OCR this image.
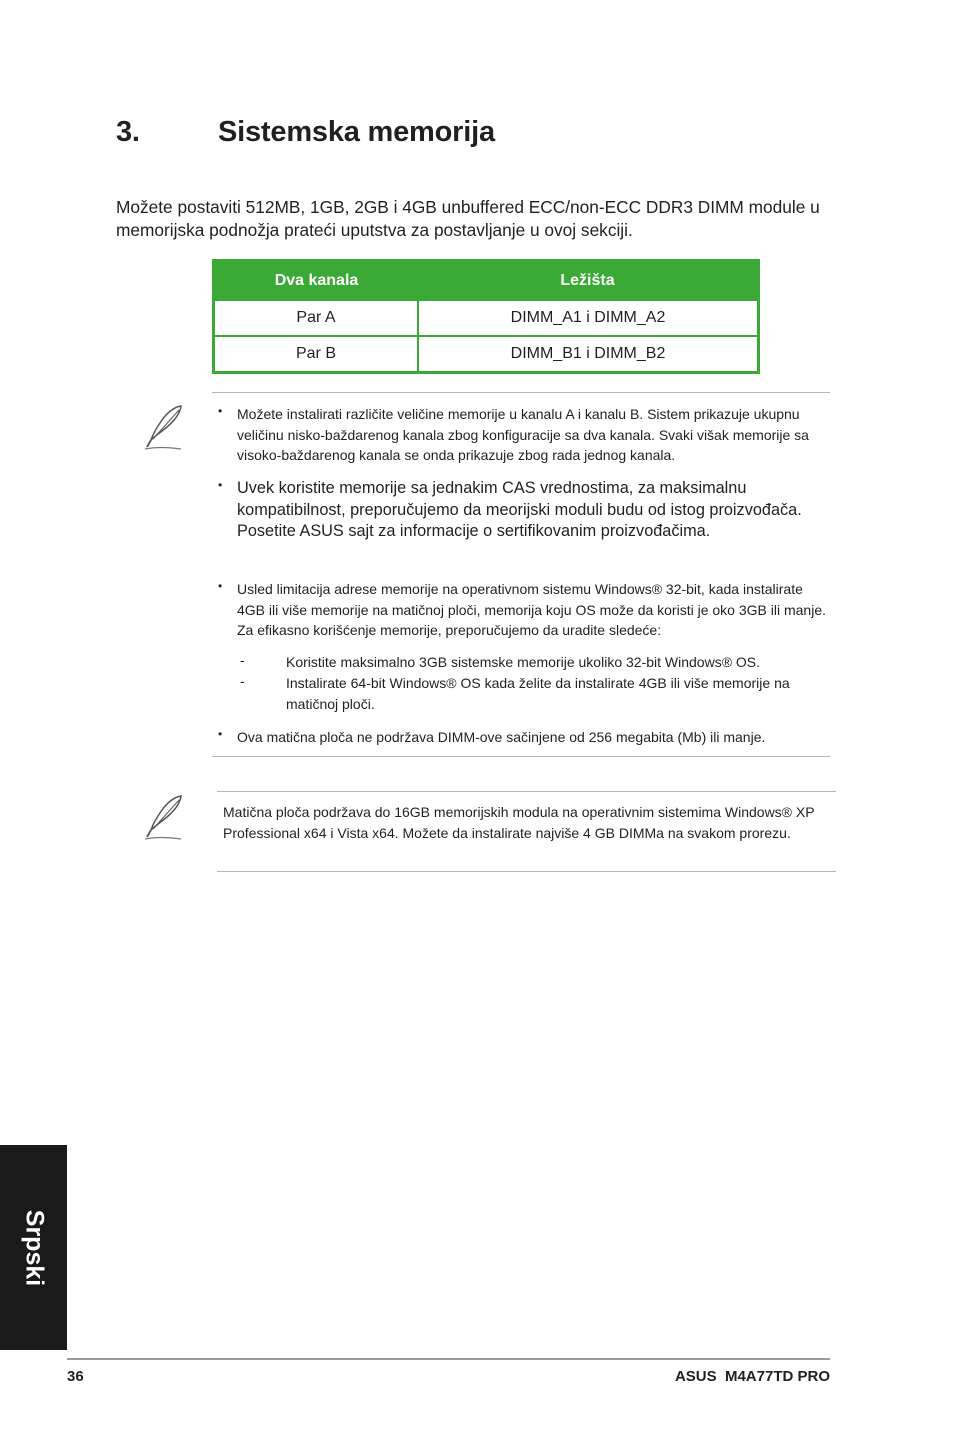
3.	Sistemska memorija

Možete postaviti 512MB, 1GB, 2GB i 4GB unbuffered ECC/non-ECC DDR3 DIMM module u memorijska podnožja prateći uputstva za postavljanje u ovoj sekciji.

Dva kanala	Ležišta
Par A	DIMM_A1 i DIMM_A2
Par B	DIMM_B1 i DIMM_B2
• Možete instalirati različite veličine memorije u kanalu A i kanalu B. Sistem prikazuje ukupnu veličinu nisko-baždarenog kanala zbog konfiguracije sa dva kanala. Svaki višak memorije sa visoko-baždarenog kanala se onda prikazuje zbog rada jednog kanala.
• Uvek koristite memorije sa jednakim CAS vrednostima, za maksimalnu kompatibilnost, preporučujemo da meorijski moduli budu od istog proizvođača. Posetite ASUS sajt za informacije o sertifikovanim proizvođačima.
• Usled limitacija adrese memorije na operativnom sistemu Windows® 32-bit, kada instalirate 4GB ili više memorije na matičnoj ploči, memorija koju OS može da koristi je oko 3GB ili manje. Za efikasno korišćenje memorije, preporučujemo da uradite sledeće:
-	Koristite maksimalno 3GB sistemske memorije ukoliko 32-bit Windows® OS.
-	Instalirate 64-bit Windows® OS kada želite da instalirate 4GB ili više memorije na matičnoj ploči.
• Ova matična ploča ne podržava DIMM-ove sačinjene od 256 megabita (Mb) ili manje.
Matična ploča podržava do 16GB memorijskih modula na operativnim sistemima Windows® XP Professional x64 i Vista x64. Možete da instalirate najviše 4 GB DIMMa na svakom prorezu.
Srpski
36	ASUS  M4A77TD PRO
